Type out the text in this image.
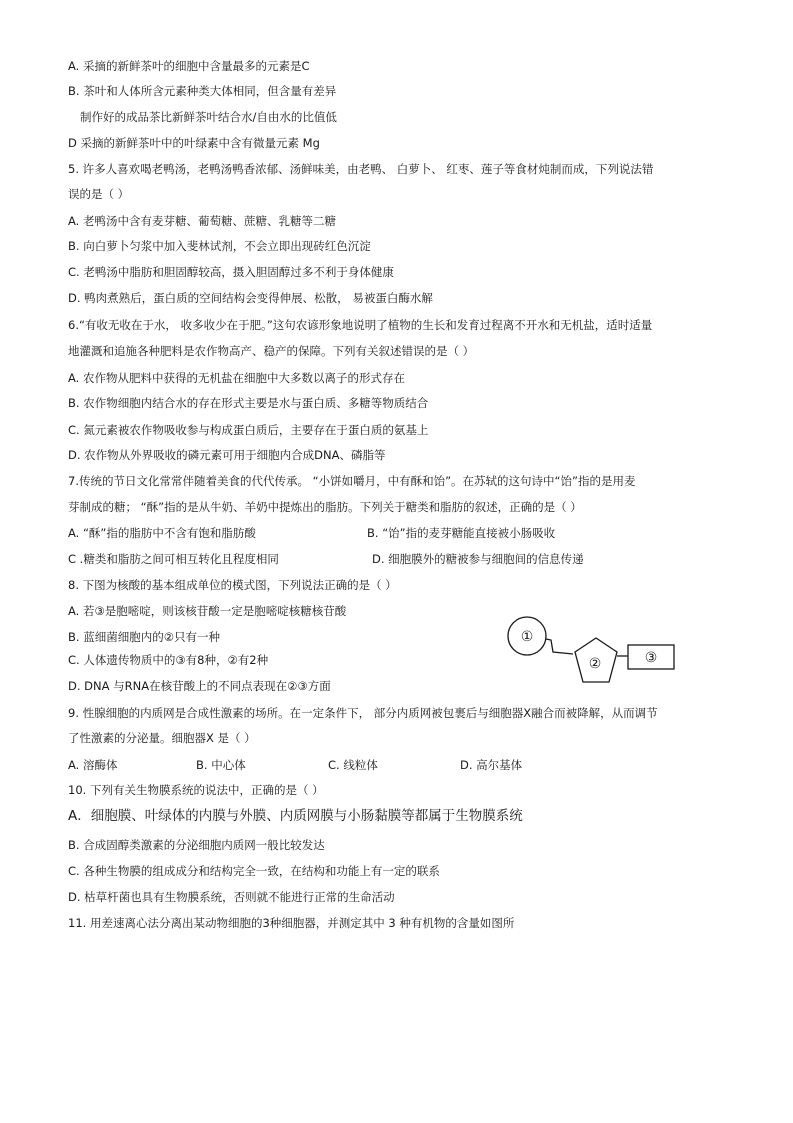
A. 采摘的新鲜茶叶的细胞中含量最多的元素是C
B. 茶叶和人体所含元素种类大体相同，但含量有差异
制作好的成品茶比新鲜茶叶结合水/自由水的比值低
D 采摘的新鲜茶叶中的叶绿素中含有微量元素 Mg
5. 许多人喜欢喝老鸭汤，老鸭汤鸭香浓郁、汤鲜味美，由老鸭、 白萝卜、 红枣、莲子等食材炖制而成，下列说法错
误的是（ ）
A. 老鸭汤中含有麦芽糖、葡萄糖、蔗糖、乳糖等二糖
B. 向白萝卜匀浆中加入斐林试剂，不会立即出现砖红色沉淀
C. 老鸭汤中脂肪和胆固醇较高，摄入胆固醇过多不利于身体健康
D. 鸭肉煮熟后，蛋白质的空间结构会变得伸展、松散， 易被蛋白酶水解
6.“有收无收在于水， 收多收少在于肥。”这句农谚形象地说明了植物的生长和发育过程离不开水和无机盐，适时适量
地灌溉和追施各种肥料是农作物高产、稳产的保障。下列有关叙述错误的是（ ）
A. 农作物从肥料中获得的无机盐在细胞中大多数以离子的形式存在
B. 农作物细胞内结合水的存在形式主要是水与蛋白质、多糖等物质结合
C. 氮元素被农作物吸收参与构成蛋白质后，主要存在于蛋白质的氨基上
D. 农作物从外界吸收的磷元素可用于细胞内合成DNA、磷脂等
7.传统的节日文化常常伴随着美食的代代传承。 “小饼如嚼月，中有酥和饴”。在苏轼的这句诗中“饴”指的是用麦
芽制成的糖； “酥”指的是从牛奶、羊奶中提炼出的脂肪。下列关于糖类和脂肪的叙述，正确的是（ ）
A. “酥”指的脂肪中不含有饱和脂肪酸	B. “饴”指的麦芽糖能直接被小肠吸收
C .糖类和脂肪之间可相互转化且程度相同	D. 细胞膜外的糖被参与细胞间的信息传递
8. 下图为核酸的基本组成单位的模式图，下列说法正确的是（ ）
A. 若③是胞嘧啶，则该核苷酸一定是胞嘧啶核糖核苷酸
B. 蓝细菌细胞内的②只有一种
C. 人体遗传物质中的③有8种，②有2种
D. DNA 与RNA在核苷酸上的不同点表现在②③方面
①
②	③
9. 性腺细胞的内质网是合成性激素的场所。在一定条件下， 部分内质网被包裹后与细胞器X融合而被降解，从而调节
了性激素的分泌量。细胞器X 是（ ）
A. 溶酶体	B. 中心体	C. 线粒体	D. 高尔基体
10. 下列有关生物膜系统的说法中，正确的是（ ）
A．细胞膜、叶绿体的内膜与外膜、内质网膜与小肠黏膜等都属于生物膜系统
B. 合成固醇类激素的分泌细胞内质网一般比较发达
C. 各种生物膜的组成成分和结构完全一致，在结构和功能上有一定的联系
D. 枯草杆菌也具有生物膜系统，否则就不能进行正常的生命活动
11. 用差速离心法分离出某动物细胞的3种细胞器，并测定其中 3 种有机物的含量如图所
